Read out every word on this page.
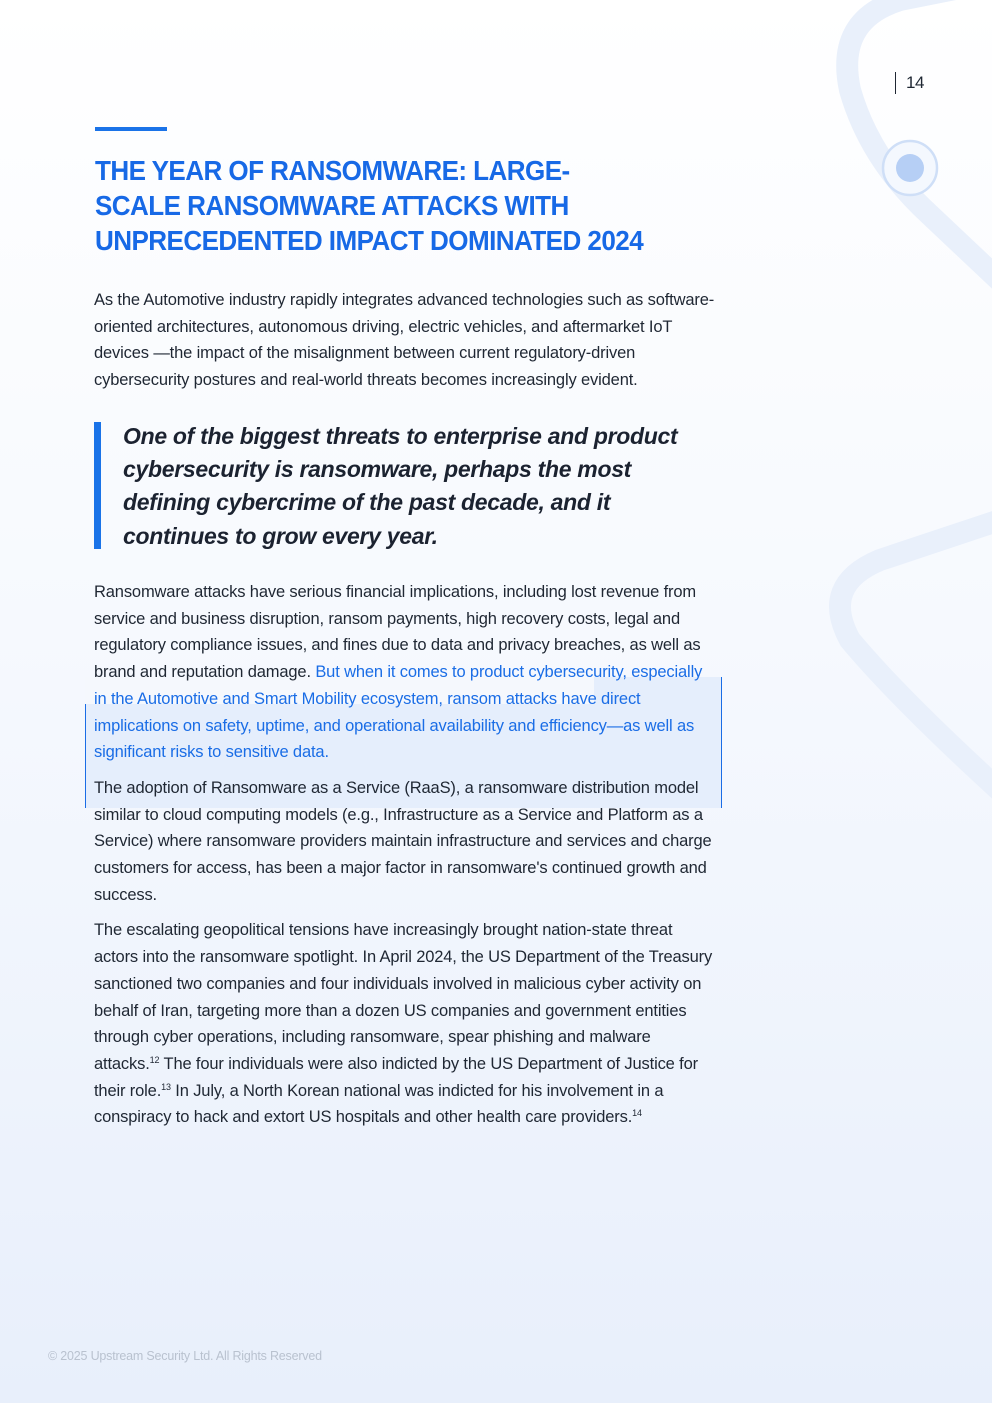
14
THE YEAR OF RANSOMWARE: LARGE-
SCALE RANSOMWARE ATTACKS WITH
UNPRECEDENTED IMPACT DOMINATED 2024

As the Automotive industry rapidly integrates advanced technologies such as software-oriented architectures, autonomous driving, electric vehicles, and aftermarket IoT devices —the impact of the misalignment between current regulatory-driven cybersecurity postures and real-world threats becomes increasingly evident.

One of the biggest threats to enterprise and product cybersecurity is ransomware, perhaps the most defining cybercrime of the past decade, and it continues to grow every year.

Ransomware attacks have serious financial implications, including lost revenue from service and business disruption, ransom payments, high recovery costs, legal and regulatory compliance issues, and fines due to data and privacy breaches, as well as brand and reputation damage. But when it comes to product cybersecurity, especially in the Automotive and Smart Mobility ecosystem, ransom attacks have direct implications on safety, uptime, and operational availability and efficiency—as well as significant risks to sensitive data.

The adoption of Ransomware as a Service (RaaS), a ransomware distribution model similar to cloud computing models (e.g., Infrastructure as a Service and Platform as a Service) where ransomware providers maintain infrastructure and services and charge customers for access, has been a major factor in ransomware's continued growth and success.

The escalating geopolitical tensions have increasingly brought nation-state threat actors into the ransomware spotlight. In April 2024, the US Department of the Treasury sanctioned two companies and four individuals involved in malicious cyber activity on behalf of Iran, targeting more than a dozen US companies and government entities through cyber operations, including ransomware, spear phishing and malware attacks.$^{12}$ The four individuals were also indicted by the US Department of Justice for their role.$^{13}$ In July, a North Korean national was indicted for his involvement in a conspiracy to hack and extort US hospitals and other health care providers.$^{14}$

© 2025 Upstream Security Ltd. All Rights Reserved
